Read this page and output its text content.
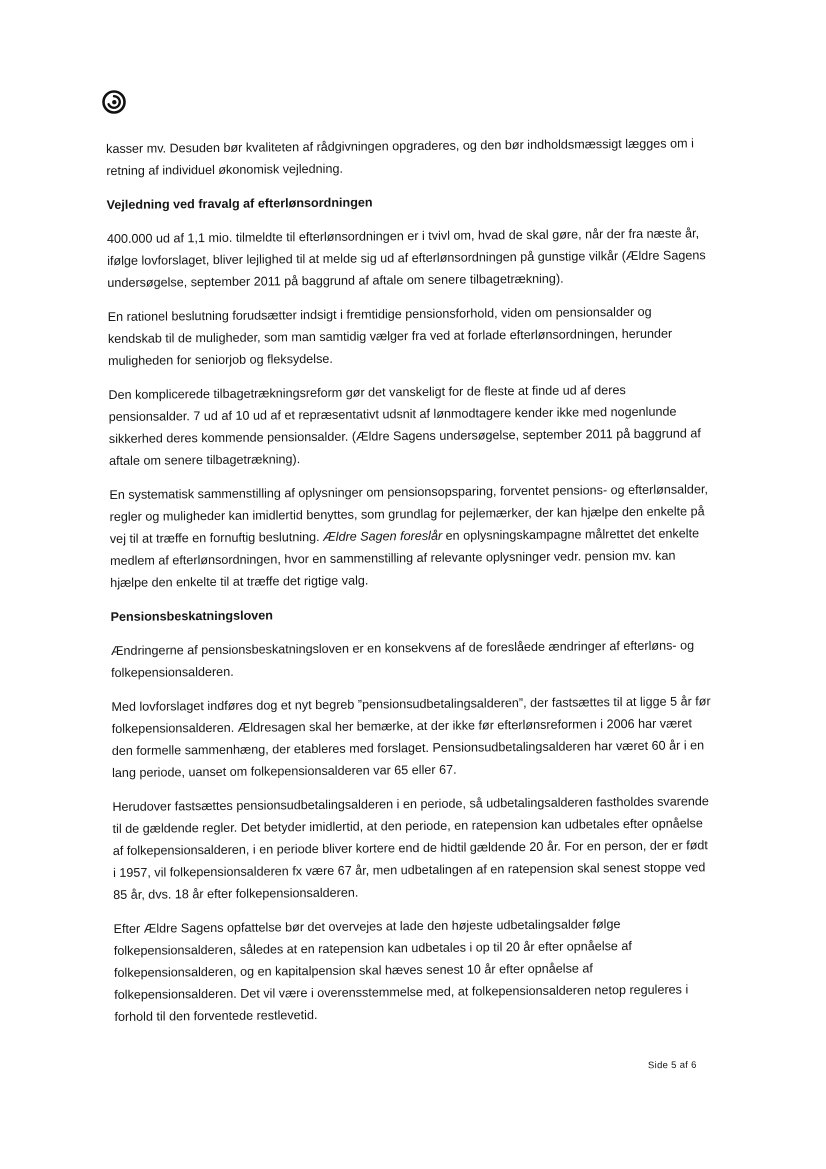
kasser mv. Desuden bør kvaliteten af rådgivningen opgraderes, og den bør indholdsmæssigt lægges om i retning af individuel økonomisk vejledning.

Vejledning ved fravalg af efterlønsordningen

400.000 ud af 1,1 mio. tilmeldte til efterlønsordningen er i tvivl om, hvad de skal gøre, når der fra næste år, ifølge lovforslaget, bliver lejlighed til at melde sig ud af efterlønsordningen på gunstige vilkår (Ældre Sagens undersøgelse, september 2011 på baggrund af aftale om senere tilbagetrækning).

En rationel beslutning forudsætter indsigt i fremtidige pensionsforhold, viden om pensionsalder og kendskab til de muligheder, som man samtidig vælger fra ved at forlade efterlønsordningen, herunder muligheden for seniorjob og fleksydelse.

Den komplicerede tilbagetrækningsreform gør det vanskeligt for de fleste at finde ud af deres pensionsalder. 7 ud af 10 ud af et repræsentativt udsnit af lønmodtagere kender ikke med nogenlunde sikkerhed deres kommende pensionsalder. (Ældre Sagens undersøgelse, september 2011 på baggrund af aftale om senere tilbagetrækning).

En systematisk sammenstilling af oplysninger om pensionsopsparing, forventet pensions- og efterlønsalder, regler og muligheder kan imidlertid benyttes, som grundlag for pejlemærker, der kan hjælpe den enkelte på vej til at træffe en fornuftig beslutning. Ældre Sagen foreslår en oplysningskampagne målrettet det enkelte medlem af efterlønsordningen, hvor en sammenstilling af relevante oplysninger vedr. pension mv. kan hjælpe den enkelte til at træffe det rigtige valg.

Pensionsbeskatningsloven

Ændringerne af pensionsbeskatningsloven er en konsekvens af de foreslåede ændringer af efterløns- og folkepensionsalderen.

Med lovforslaget indføres dog et nyt begreb ”pensionsudbetalingsalderen”, der fastsættes til at ligge 5 år før folkepensionsalderen. Ældresagen skal her bemærke, at der ikke før efterlønsreformen i 2006 har været den formelle sammenhæng, der etableres med forslaget. Pensionsudbetalingsalderen har været 60 år i en lang periode, uanset om folkepensionsalderen var 65 eller 67.

Herudover fastsættes pensionsudbetalingsalderen i en periode, så udbetalingsalderen fastholdes svarende til de gældende regler. Det betyder imidlertid, at den periode, en ratepension kan udbetales efter opnåelse af folkepensionsalderen, i en periode bliver kortere end de hidtil gældende 20 år. For en person, der er født i 1957, vil folkepensionsalderen fx være 67 år, men udbetalingen af en ratepension skal senest stoppe ved 85 år, dvs. 18 år efter folkepensionsalderen.

Efter Ældre Sagens opfattelse bør det overvejes at lade den højeste udbetalingsalder følge folkepensionsalderen, således at en ratepension kan udbetales i op til 20 år efter opnåelse af folkepensionsalderen, og en kapitalpension skal hæves senest 10 år efter opnåelse af folkepensionsalderen. Det vil være i overensstemmelse med, at folkepensionsalderen netop reguleres i forhold til den forventede restlevetid.

Side 5 af 6
